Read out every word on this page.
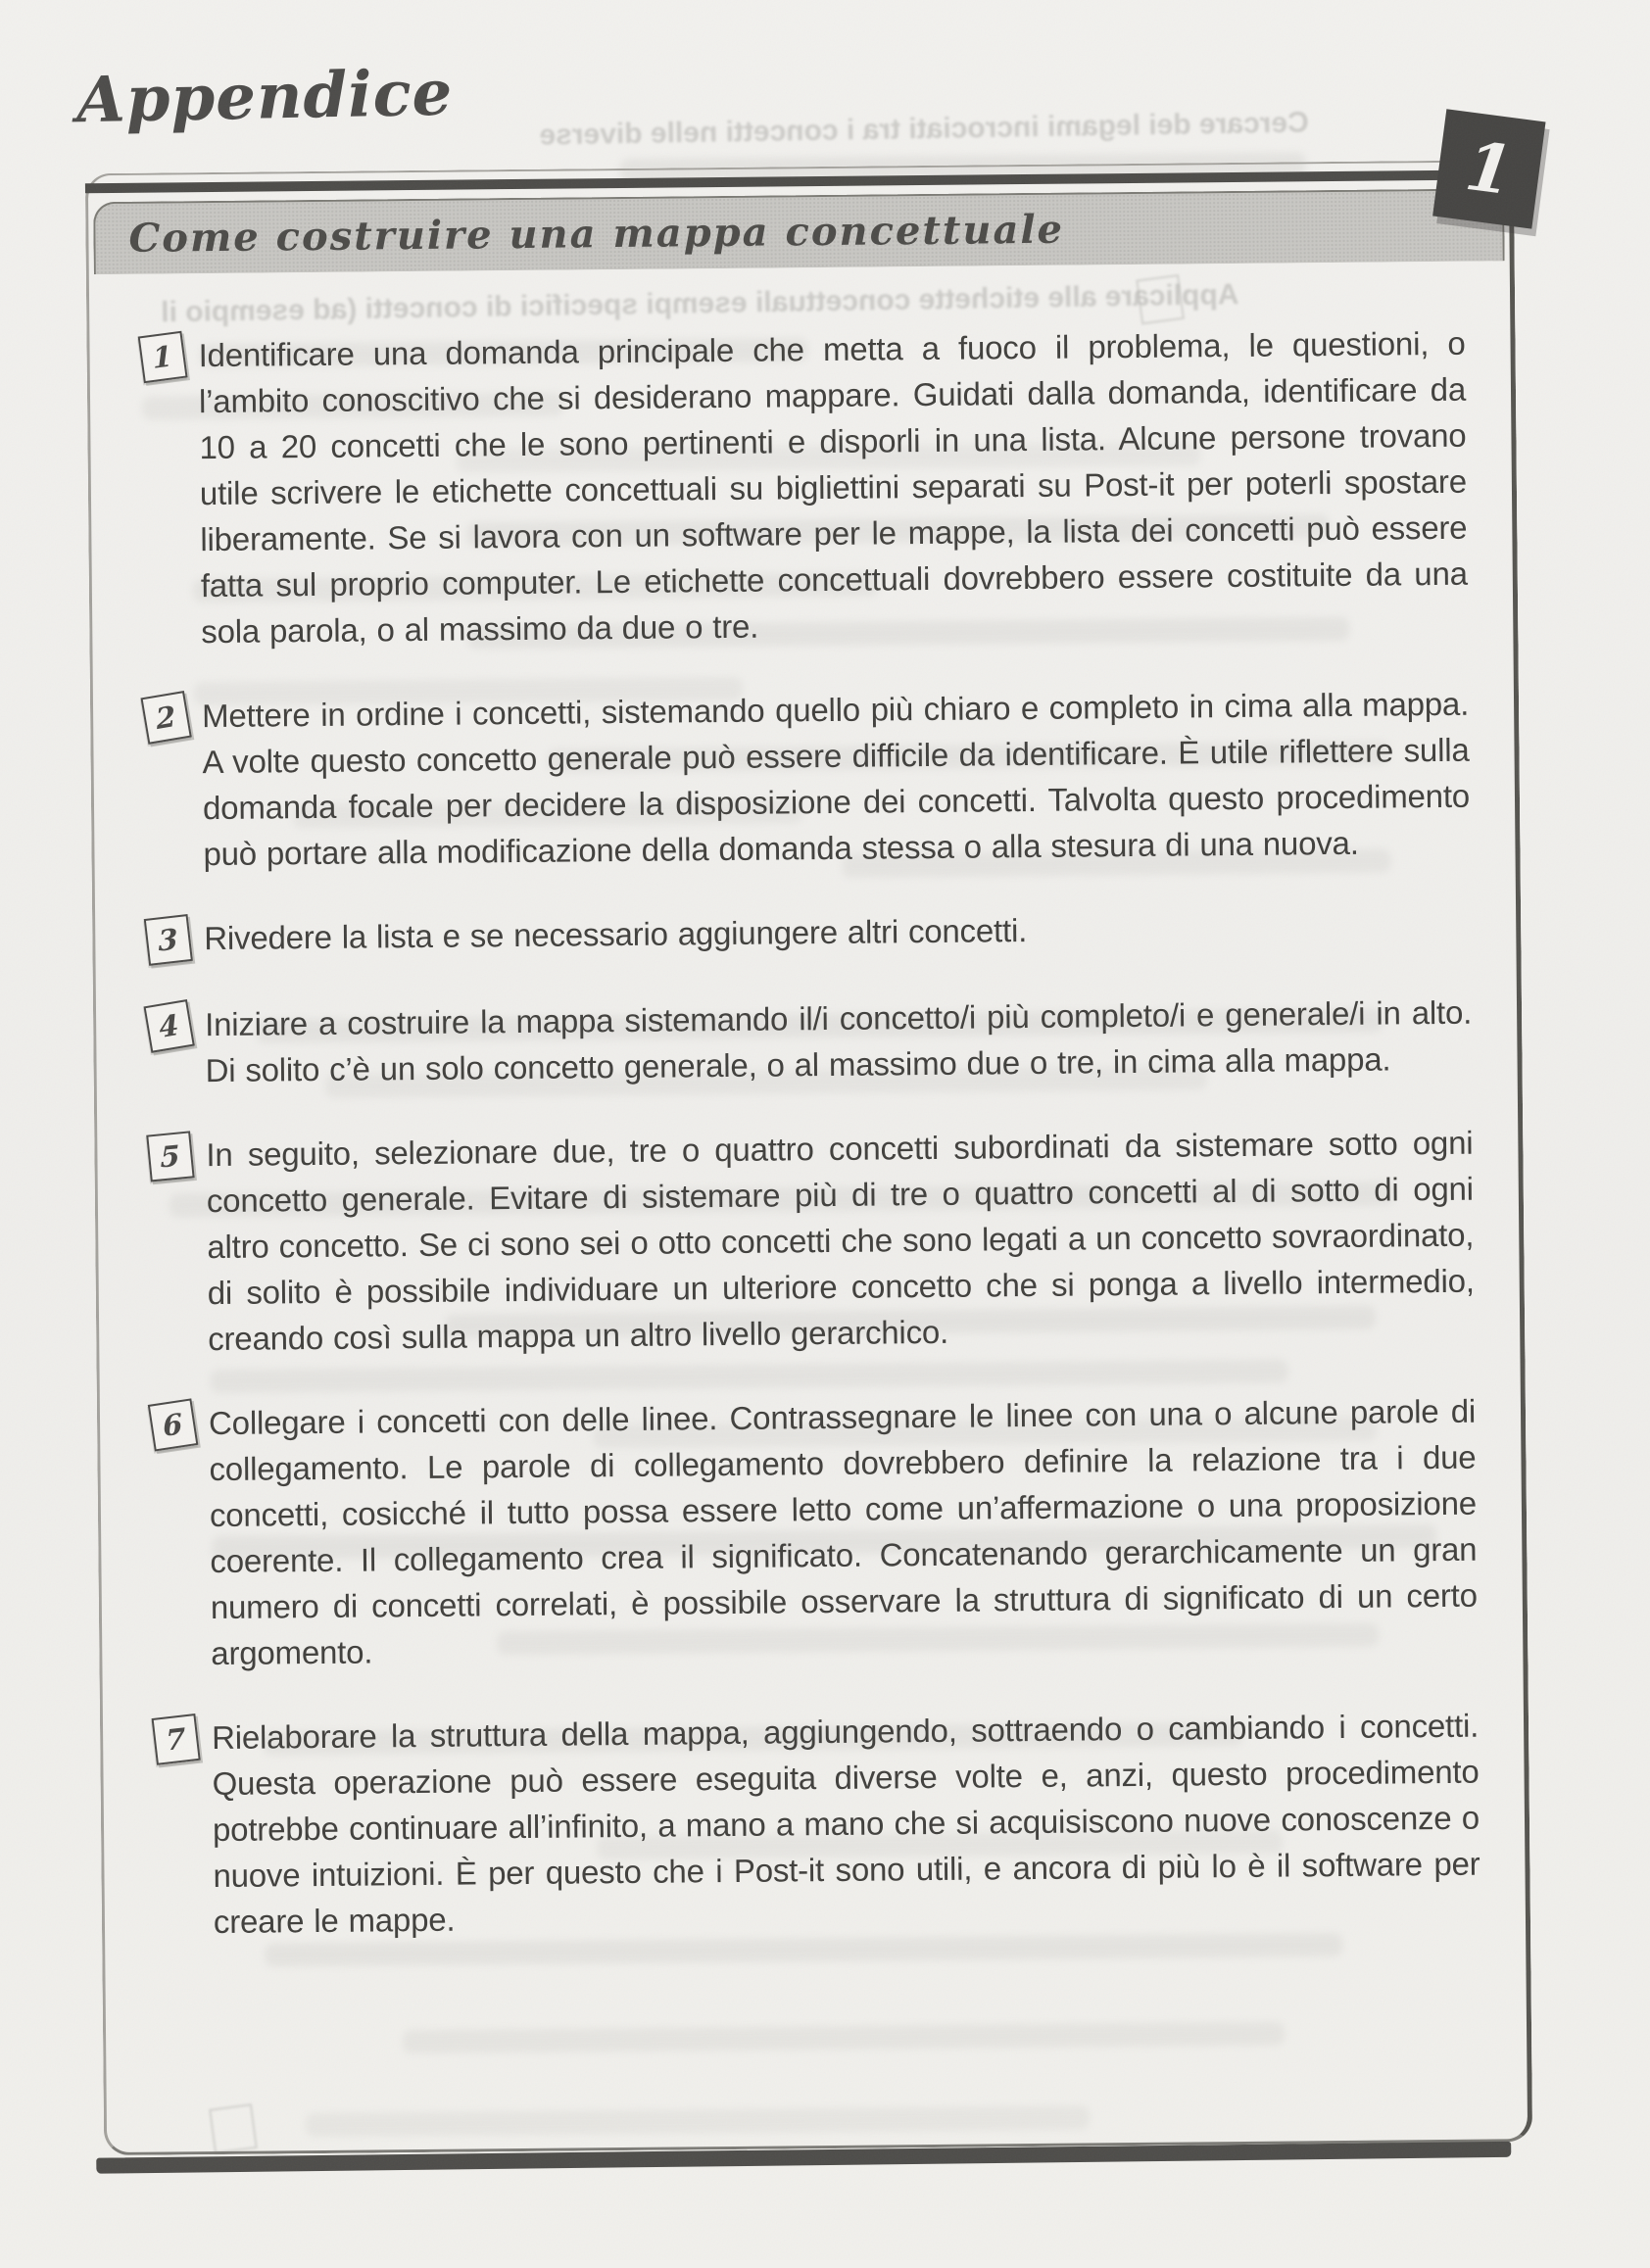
Cercare dei legami incrociati tra i concetti nelle diverse
Applicare alle etichette concettuali esempi specifici di concetti (ad esempio il
Appendice
1
Come costruire una mappa concettuale
1 Identificare una domanda principale che metta a fuoco il problema, le questioni, o l’ambito conoscitivo che si desiderano mappare. Guidati dalla domanda, identificare da 10 a 20 concetti che le sono pertinenti e disporli in una lista. Alcune persone trovano utile scrivere le etichette concettuali su bigliettini separati su Post-it per poterli spostare liberamente. Se si lavora con un software per le mappe, la lista dei concetti può essere fatta sul proprio computer. Le etichette concettuali dovrebbero essere costituite da una sola parola, o al massimo da due o tre.

2 Mettere in ordine i concetti, sistemando quello più chiaro e completo in cima alla mappa. A volte questo concetto generale può essere difficile da identificare. È utile riflettere sulla domanda focale per decidere la disposizione dei concetti. Talvolta questo procedimento può portare alla modificazione della domanda stessa o alla stesura di una nuova.

3 Rivedere la lista e se necessario aggiungere altri concetti.

4 Iniziare a costruire la mappa sistemando il/i concetto/i più completo/i e generale/i in alto. Di solito c’è un solo concetto generale, o al massimo due o tre, in cima alla mappa.

5 In seguito, selezionare due, tre o quattro concetti subordinati da sistemare sotto ogni concetto generale. Evitare di sistemare più di tre o quattro concetti al di sotto di ogni altro concetto. Se ci sono sei o otto concetti che sono legati a un concetto sovraordinato, di solito è possibile individuare un ulteriore concetto che si ponga a livello intermedio, creando così sulla mappa un altro livello gerarchico.

6 Collegare i concetti con delle linee. Contrassegnare le linee con una o alcune parole di collegamento. Le parole di collegamento dovrebbero definire la relazione tra i due concetti, cosicché il tutto possa essere letto come un’affermazione o una proposizione coerente. Il collegamento crea il significato. Concatenando gerarchicamente un gran numero di concetti correlati, è possibile osservare la struttura di significato di un certo argomento.

7 Rielaborare la struttura della mappa, aggiungendo, sottraendo o cambiando i concetti. Questa operazione può essere eseguita diverse volte e, anzi, questo procedimento potrebbe continuare all’infinito, a mano a mano che si acquisiscono nuove conoscenze o nuove intuizioni. È per questo che i Post-it sono utili, e ancora di più lo è il software per creare le mappe.
